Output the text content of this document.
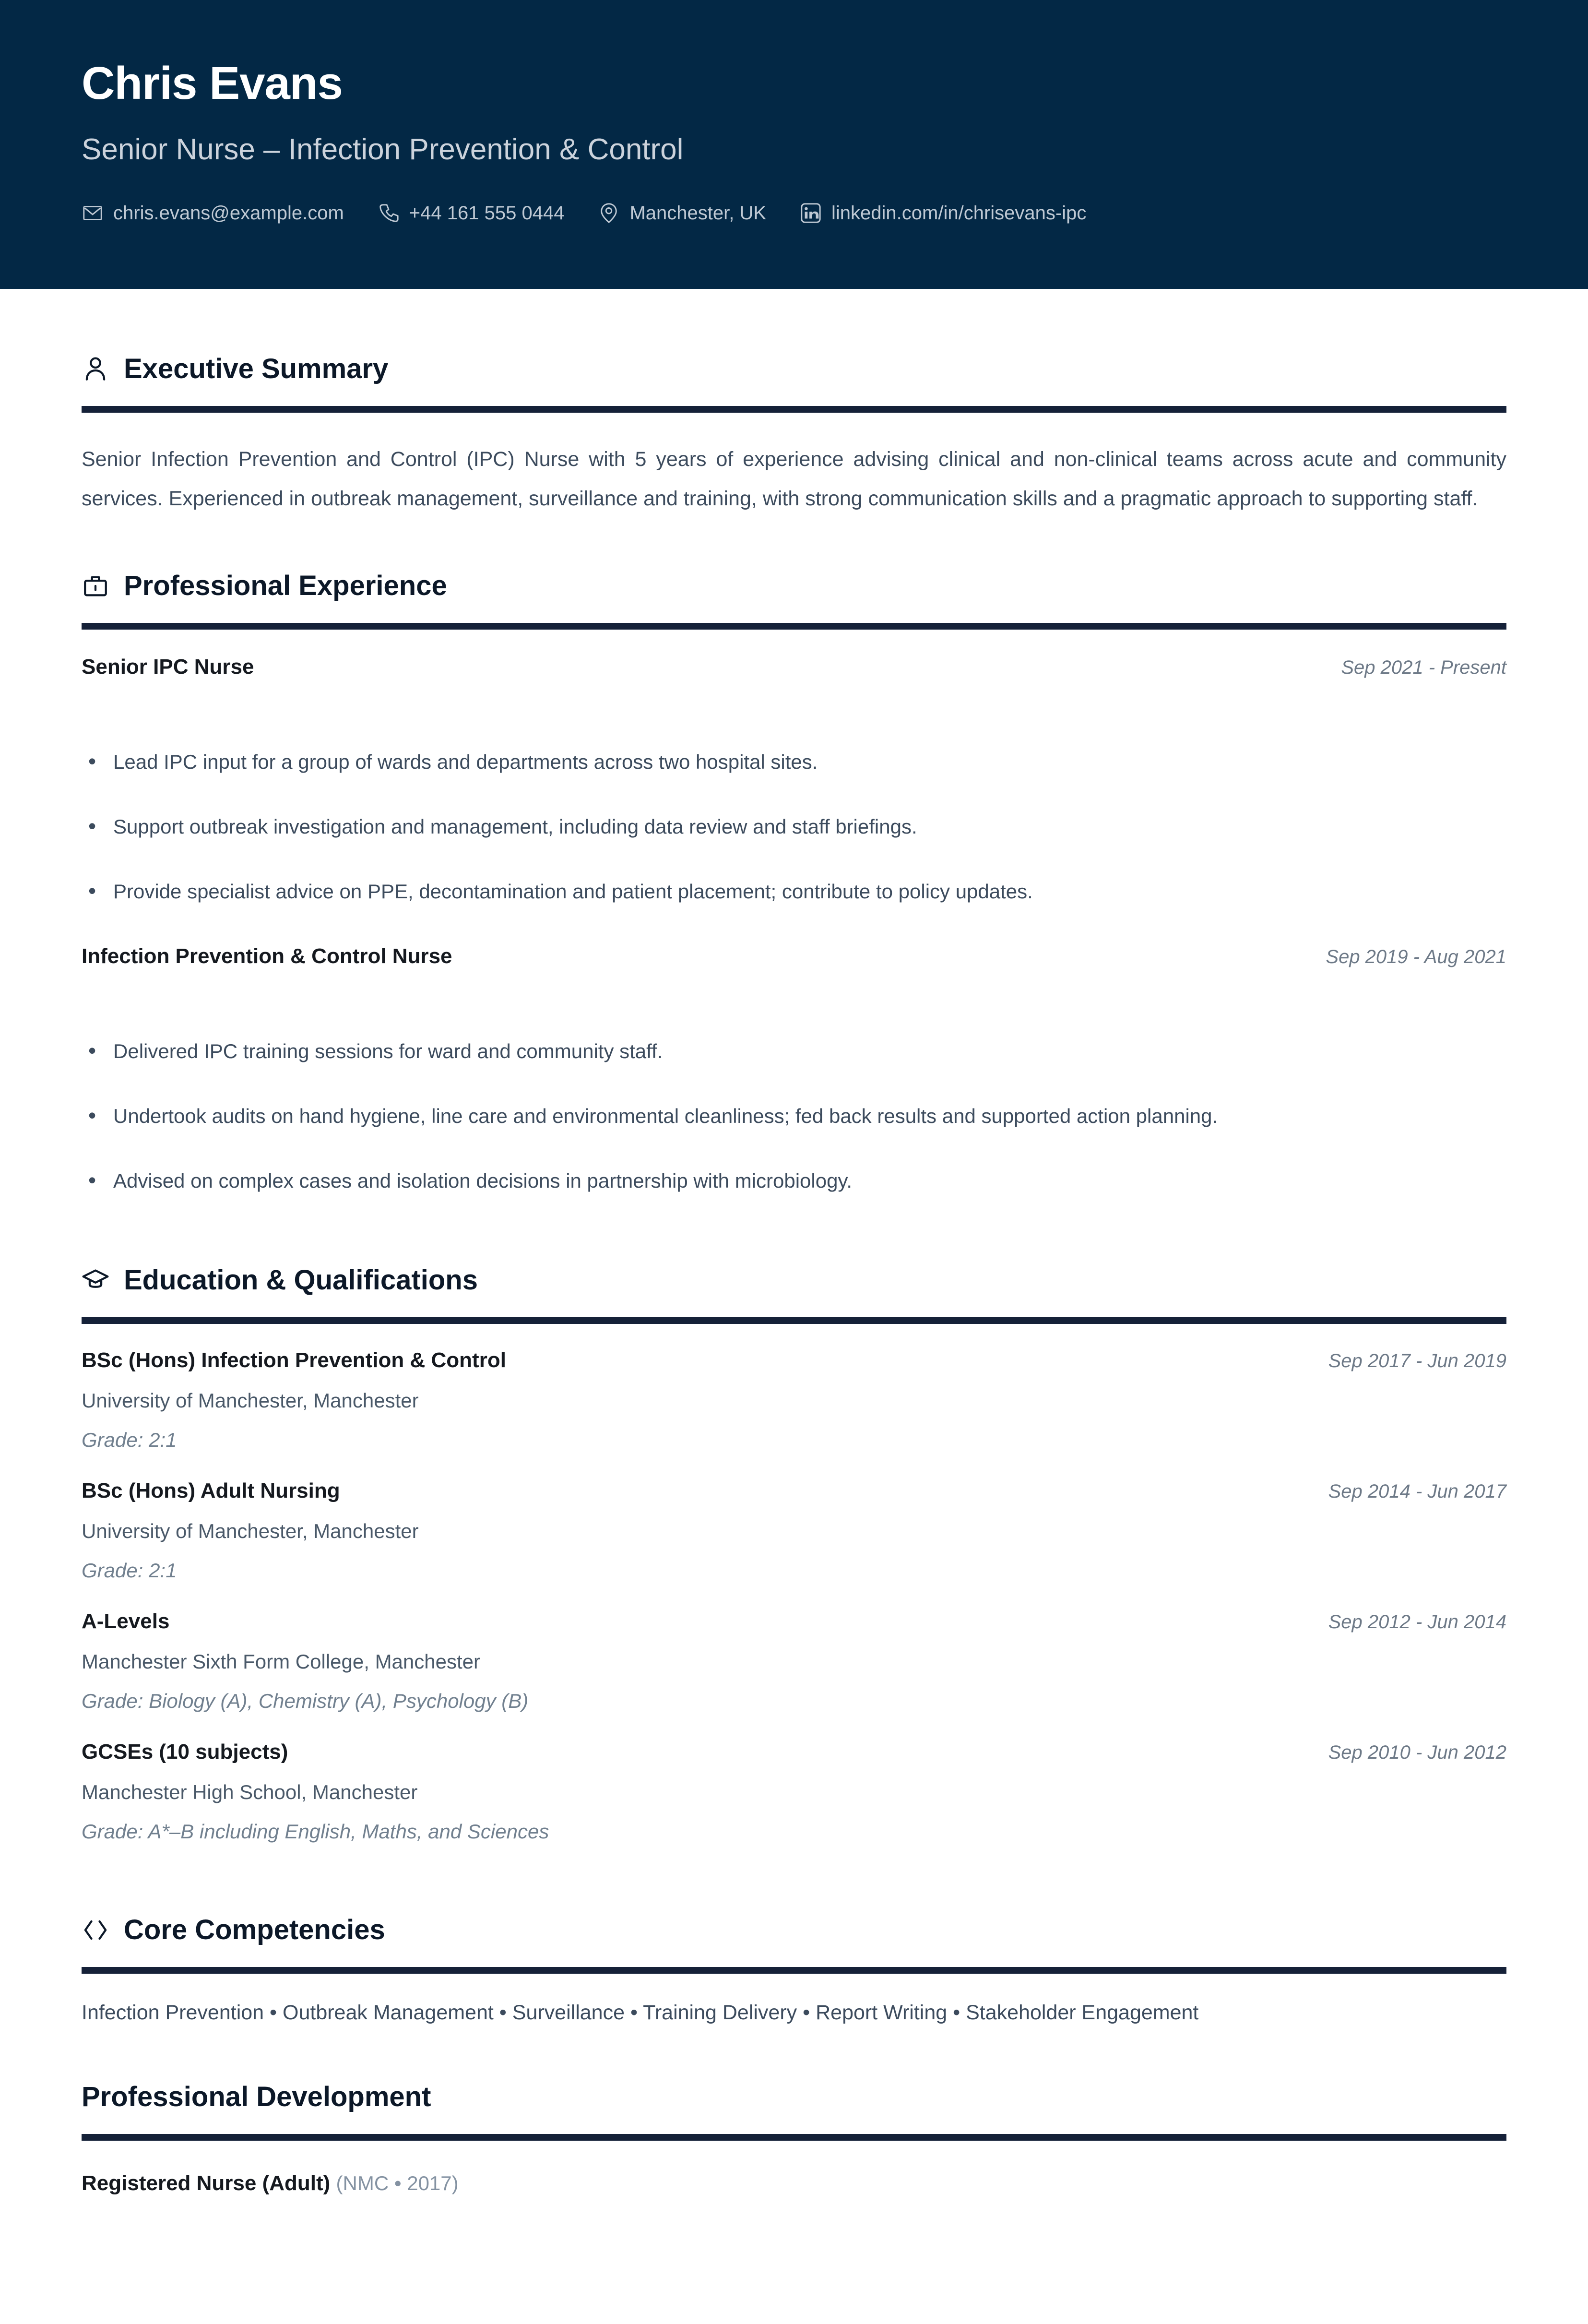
Chris Evans
Senior Nurse – Infection Prevention & Control
chris.evans@example.com	+44 161 555 0444	Manchester, UK	linkedin.com/in/chrisevans-ipc
Executive Summary

Senior Infection Prevention and Control (IPC) Nurse with 5 years of experience advising clinical and non-clinical teams across acute and community services. Experienced in outbreak management, surveillance and training, with strong communication skills and a pragmatic approach to supporting staff.

Professional Experience
Senior IPC Nurse	Sep 2021 - Present
• Lead IPC input for a group of wards and departments across two hospital sites.
• Support outbreak investigation and management, including data review and staff briefings.
• Provide specialist advice on PPE, decontamination and patient placement; contribute to policy updates.
Infection Prevention & Control Nurse	Sep 2019 - Aug 2021
• Delivered IPC training sessions for ward and community staff.
• Undertook audits on hand hygiene, line care and environmental cleanliness; fed back results and supported action planning.
• Advised on complex cases and isolation decisions in partnership with microbiology.
Education & Qualifications
BSc (Hons) Infection Prevention & Control	Sep 2017 - Jun 2019
University of Manchester, Manchester
Grade: 2:1
BSc (Hons) Adult Nursing	Sep 2014 - Jun 2017
University of Manchester, Manchester
Grade: 2:1
A-Levels	Sep 2012 - Jun 2014
Manchester Sixth Form College, Manchester
Grade: Biology (A), Chemistry (A), Psychology (B)
GCSEs (10 subjects)	Sep 2010 - Jun 2012
Manchester High School, Manchester
Grade: A*–B including English, Maths, and Sciences
Core Competencies

Infection Prevention • Outbreak Management • Surveillance • Training Delivery • Report Writing • Stakeholder Engagement

Professional Development

Registered Nurse (Adult) (NMC • 2017)
